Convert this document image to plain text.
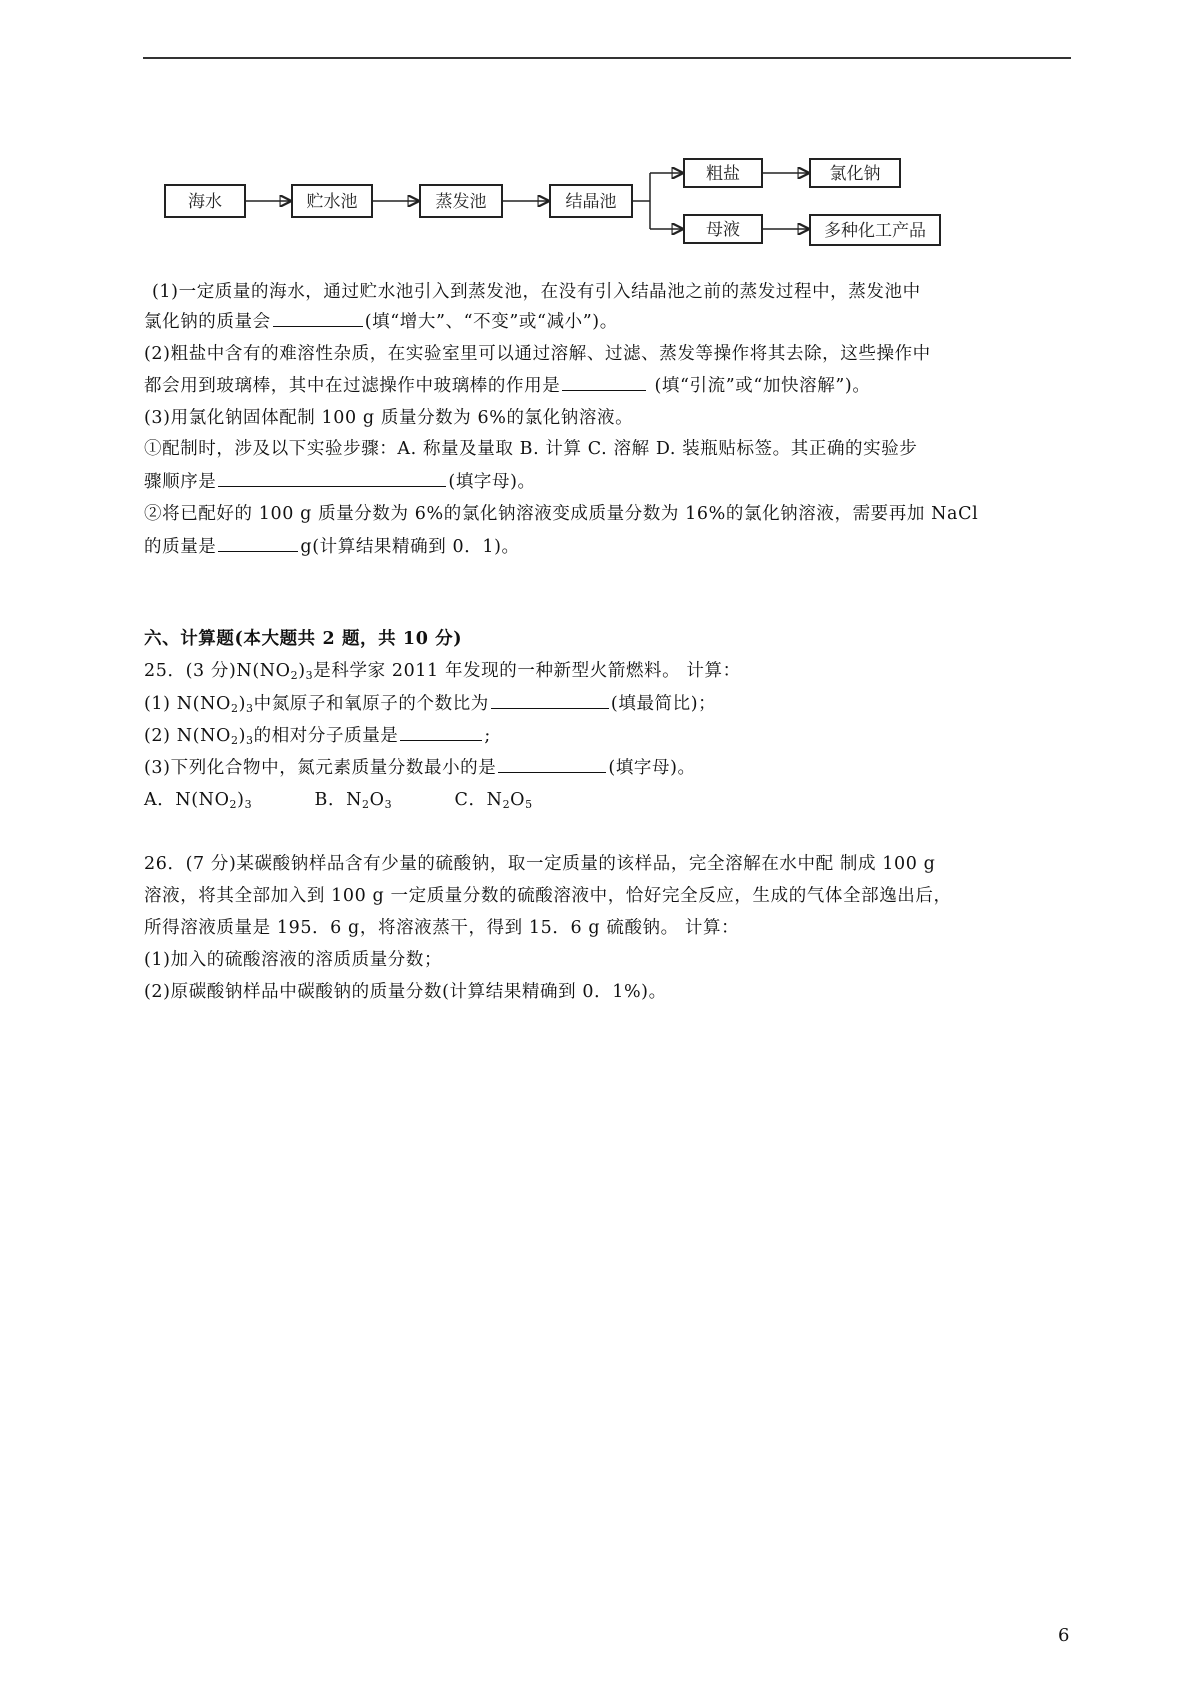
海水	贮水池	蒸发池	结晶池
粗盐
母液
氯化钠
多种化工产品
(1)一定质量的海水，通过贮水池引入到蒸发池，在没有引入结晶池之前的蒸发过程中，蒸发池中
氯化钠的质量会	(填“增大”、“不变”或“减小”)。
(2)粗盐中含有的难溶性杂质，在实验室里可以通过溶解、过滤、蒸发等操作将其去除，这些操作中
都会用到玻璃棒，其中在过滤操作中玻璃棒的作用是	(填“引流”或“加快溶解”)。
(3)用氯化钠固体配制 100 g 质量分数为 6%的氯化钠溶液。
①配制时，涉及以下实验步骤：A. 称量及量取 B. 计算 C. 溶解 D. 装瓶贴标签。其正确的实验步
骤顺序是	(填字母)。
②将已配好的 100 g 质量分数为 6%的氯化钠溶液变成质量分数为 16%的氯化钠溶液，需要再加 NaCl
的质量是	g(计算结果精确到 0．1)。
六、计算题(本大题共 2 题，共 10 分)
25．(3 分)$N(NO_2)_3$是科学家 2011 年发现的一种新型火箭燃料。 计算：
(1) $N(NO_2)_3$中氮原子和氧原子的个数比为	(填最简比)；
(2) $N(NO_2)_3$的相对分子质量是	;
(3)下列化合物中，氮元素质量分数最小的是	(填字母)。
A．$N(NO_2)_3$	B．$N_2O_3$	C．$N_2O_5$
26．(7 分)某碳酸钠样品含有少量的硫酸钠，取一定质量的该样品，完全溶解在水中配 制成 100 g
溶液，将其全部加入到 100 g 一定质量分数的硫酸溶液中，恰好完全反应，生成的气体全部逸出后，
所得溶液质量是 195．6 g，将溶液蒸干，得到 15．6 g 硫酸钠。 计算：
(1)加入的硫酸溶液的溶质质量分数；
(2)原碳酸钠样品中碳酸钠的质量分数(计算结果精确到 0．1%)。
6
